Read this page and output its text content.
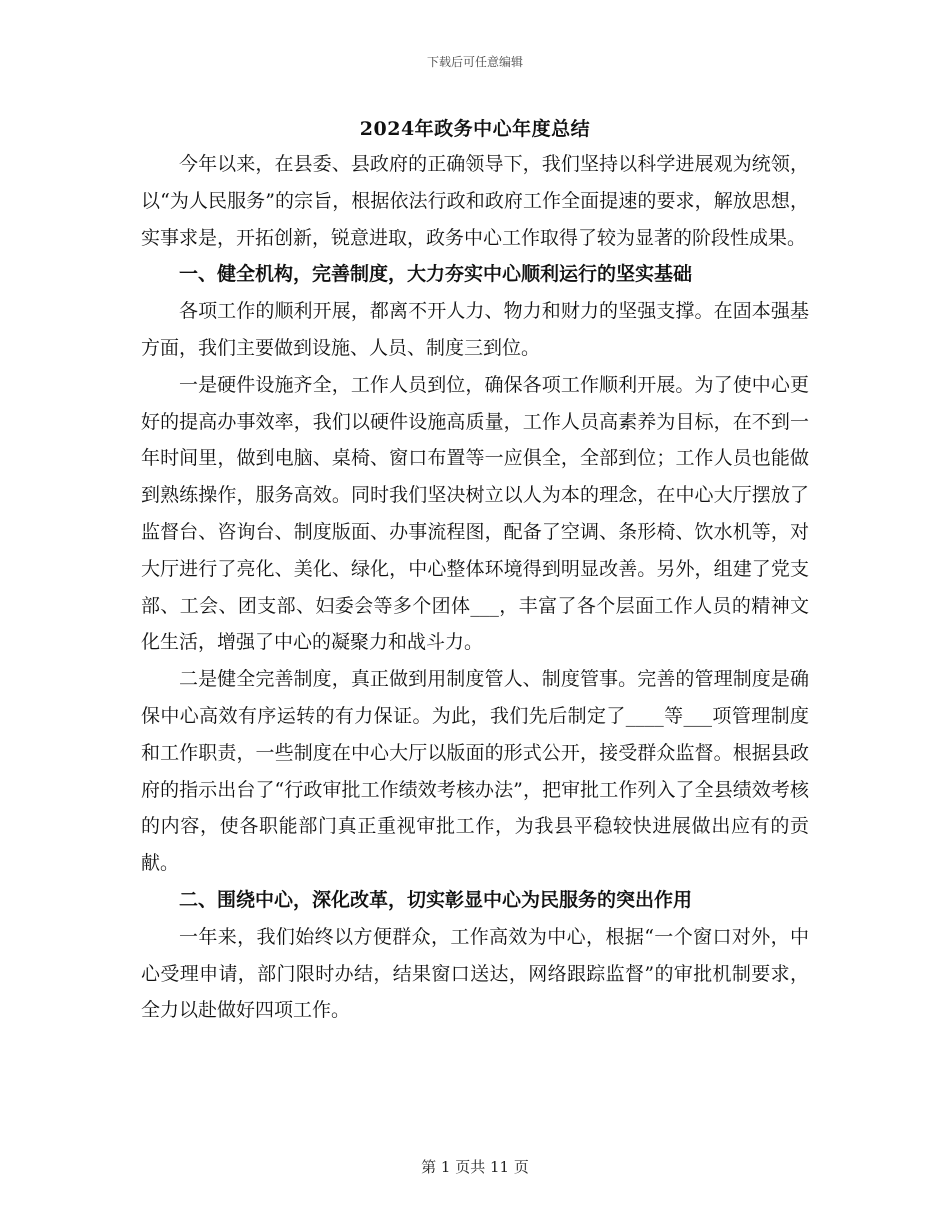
下载后可任意编辑
2024年政务中心年度总结

今年以来，在县委、县政府的正确领导下，我们坚持以科学进展观为统领，以“为人民服务”的宗旨，根据依法行政和政府工作全面提速的要求，解放思想，实事求是，开拓创新，锐意进取，政务中心工作取得了较为显著的阶段性成果。

一、健全机构，完善制度，大力夯实中心顺利运行的坚实基础

各项工作的顺利开展，都离不开人力、物力和财力的坚强支撑。在固本强基方面，我们主要做到设施、人员、制度三到位。

一是硬件设施齐全，工作人员到位，确保各项工作顺利开展。为了使中心更好的提高办事效率，我们以硬件设施高质量，工作人员高素养为目标，在不到一年时间里，做到电脑、桌椅、窗口布置等一应俱全，全部到位；工作人员也能做到熟练操作，服务高效。同时我们坚决树立以人为本的理念，在中心大厅摆放了监督台、咨询台、制度版面、办事流程图，配备了空调、条形椅、饮水机等，对大厅进行了亮化、美化、绿化，中心整体环境得到明显改善。另外，组建了党支部、工会、团支部、妇委会等多个团体___，丰富了各个层面工作人员的精神文化生活，增强了中心的凝聚力和战斗力。

二是健全完善制度，真正做到用制度管人、制度管事。完善的管理制度是确保中心高效有序运转的有力保证。为此，我们先后制定了____等___项管理制度和工作职责，一些制度在中心大厅以版面的形式公开，接受群众监督。根据县政府的指示出台了“行政审批工作绩效考核办法”，把审批工作列入了全县绩效考核的内容，使各职能部门真正重视审批工作，为我县平稳较快进展做出应有的贡献。

二、围绕中心，深化改革，切实彰显中心为民服务的突出作用

一年来，我们始终以方便群众，工作高效为中心，根据“一个窗口对外，中心受理申请，部门限时办结，结果窗口送达，网络跟踪监督”的审批机制要求，全力以赴做好四项工作。

第 1 页共 11 页
